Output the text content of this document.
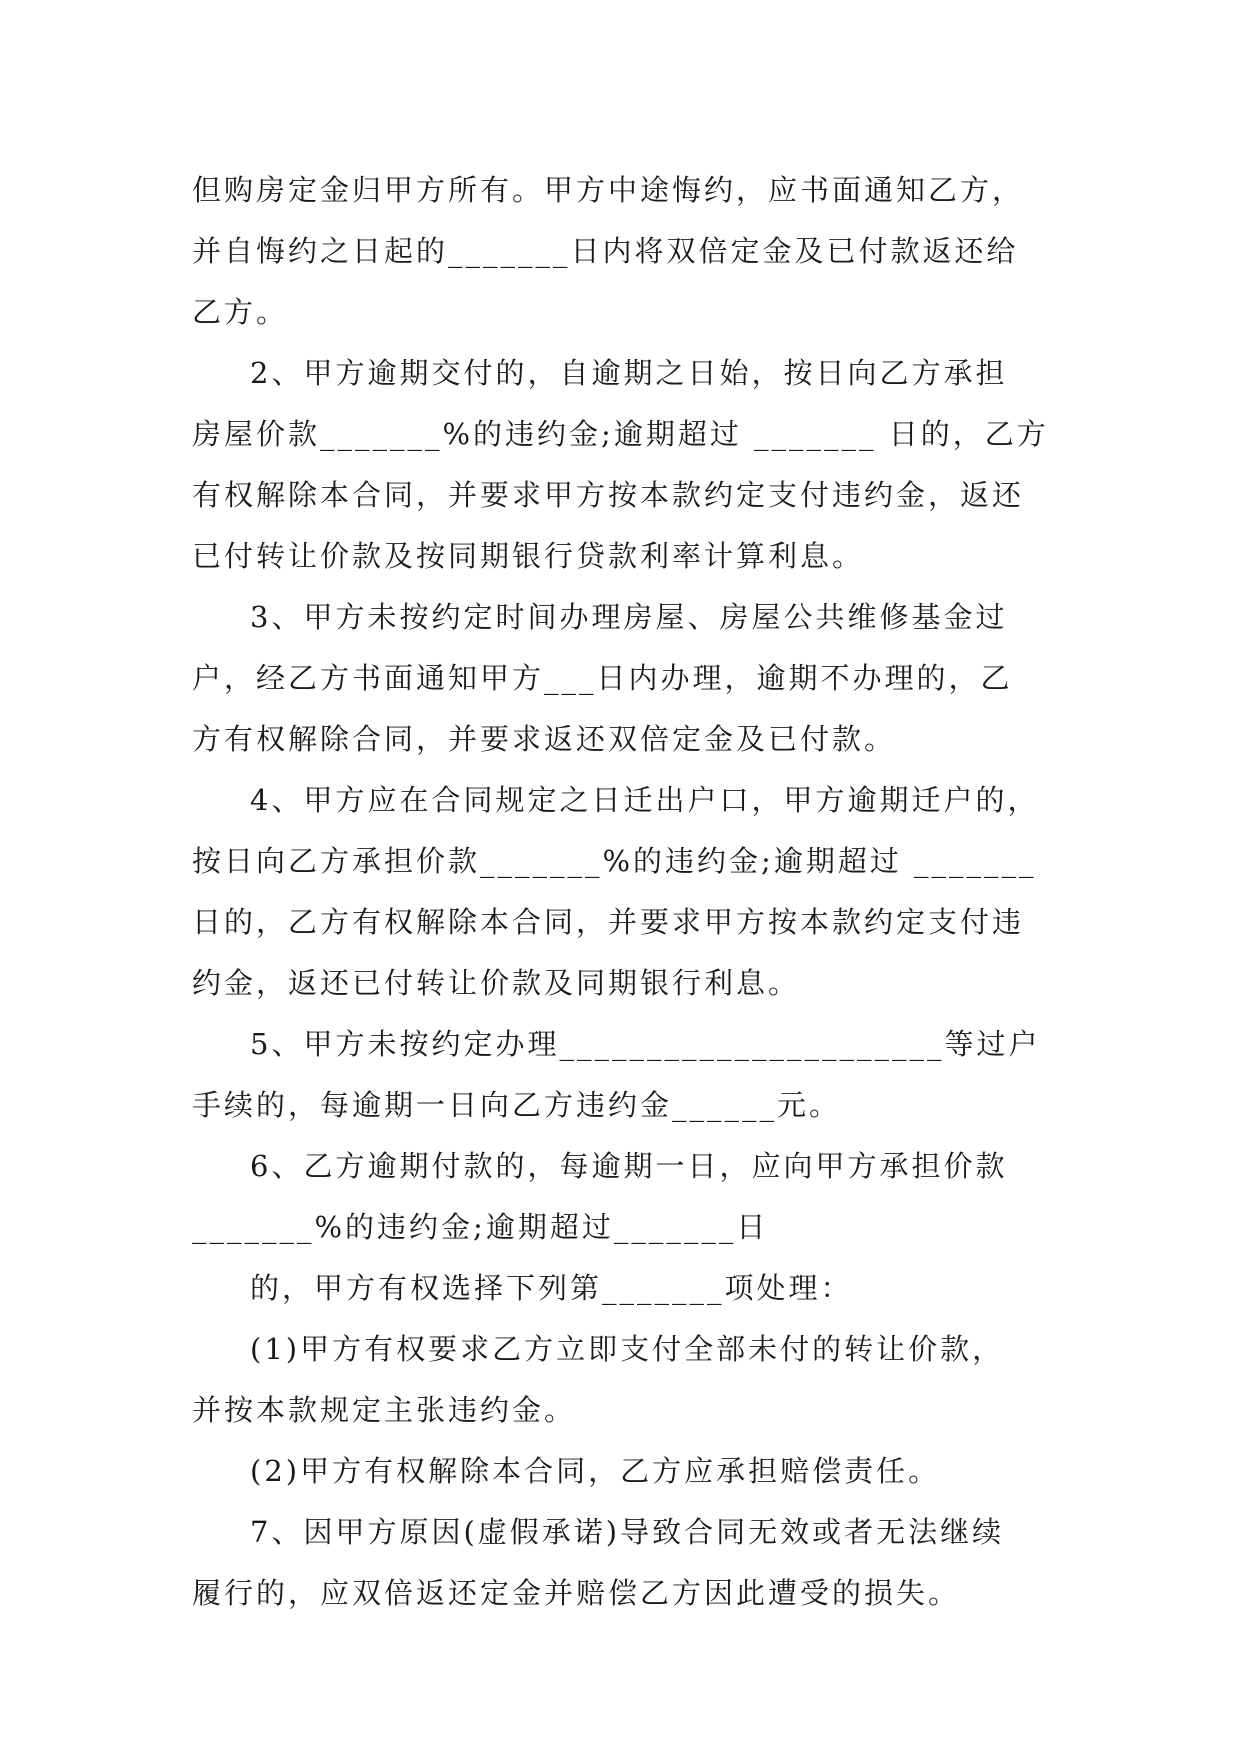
但购房定金归甲方所有。甲方中途悔约，应书面通知乙方，
并自悔约之日起的_______日内将双倍定金及已付款返还给
乙方。
2、甲方逾期交付的，自逾期之日始，按日向乙方承担
房屋价款_______%的违约金;逾期超过 _______ 日的，乙方
有权解除本合同，并要求甲方按本款约定支付违约金，返还
已付转让价款及按同期银行贷款利率计算利息。
3、甲方未按约定时间办理房屋、房屋公共维修基金过
户，经乙方书面通知甲方___日内办理，逾期不办理的，乙
方有权解除合同，并要求返还双倍定金及已付款。
4、甲方应在合同规定之日迁出户口，甲方逾期迁户的，
按日向乙方承担价款_______%的违约金;逾期超过 _______
日的，乙方有权解除本合同，并要求甲方按本款约定支付违
约金，返还已付转让价款及同期银行利息。
5、甲方未按约定办理______________________等过户
手续的，每逾期一日向乙方违约金______元。
6、乙方逾期付款的，每逾期一日，应向甲方承担价款
_______%的违约金;逾期超过_______日
的，甲方有权选择下列第_______项处理：
(1)甲方有权要求乙方立即支付全部未付的转让价款，
并按本款规定主张违约金。
(2)甲方有权解除本合同，乙方应承担赔偿责任。
7、因甲方原因(虚假承诺)导致合同无效或者无法继续
履行的，应双倍返还定金并赔偿乙方因此遭受的损失。
